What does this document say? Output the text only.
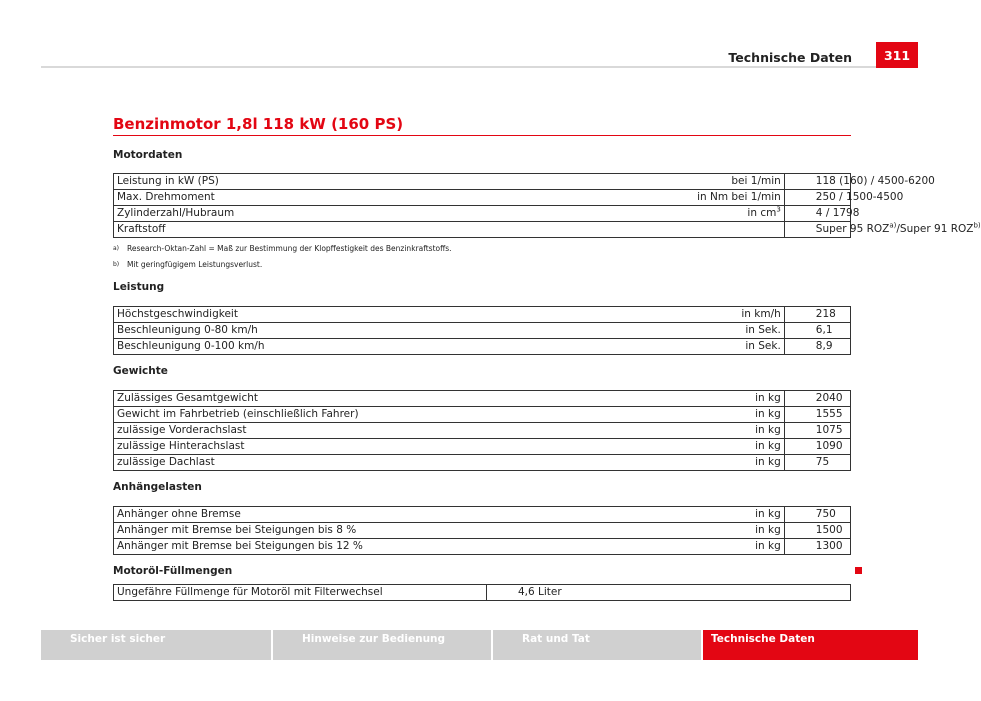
Technische Daten	311
Benzinmotor 1,8l 118 kW (160 PS)
Motordaten
Leistung in kW (PS)	bei 1/min	118 (160) / 4500-6200
Max. Drehmoment	in Nm bei 1/min	250 / 1500-4500
Zylinderzahl/Hubraum	in $cm^3$	4 / 1798
Kraftstoff		Super 95 ROZ$^{a)}$/Super 91 ROZ$^{b)}$
a)	Research-Oktan-Zahl = Maß zur Bestimmung der Klopffestigkeit des Benzinkraftstoffs.
b)	Mit geringfügigem Leistungsverlust.
Leistung
Höchstgeschwindigkeit	in km/h	218
Beschleunigung 0-80 km/h	in Sek.	6,1
Beschleunigung 0-100 km/h	in Sek.	8,9
Gewichte
Zulässiges Gesamtgewicht	in kg	2040
Gewicht im Fahrbetrieb (einschließlich Fahrer)	in kg	1555
zulässige Vorderachslast	in kg	1075
zulässige Hinterachslast	in kg	1090
zulässige Dachlast	in kg	75
Anhängelasten
Anhänger ohne Bremse	in kg	750
Anhänger mit Bremse bei Steigungen bis 8 %	in kg	1500
Anhänger mit Bremse bei Steigungen bis 12 %	in kg	1300
Motoröl-Füllmengen
Ungefähre Füllmenge für Motoröl mit Filterwechsel	4,6 Liter
Sicher ist sicher	Hinweise zur Bedienung	Rat und Tat	Technische Daten
